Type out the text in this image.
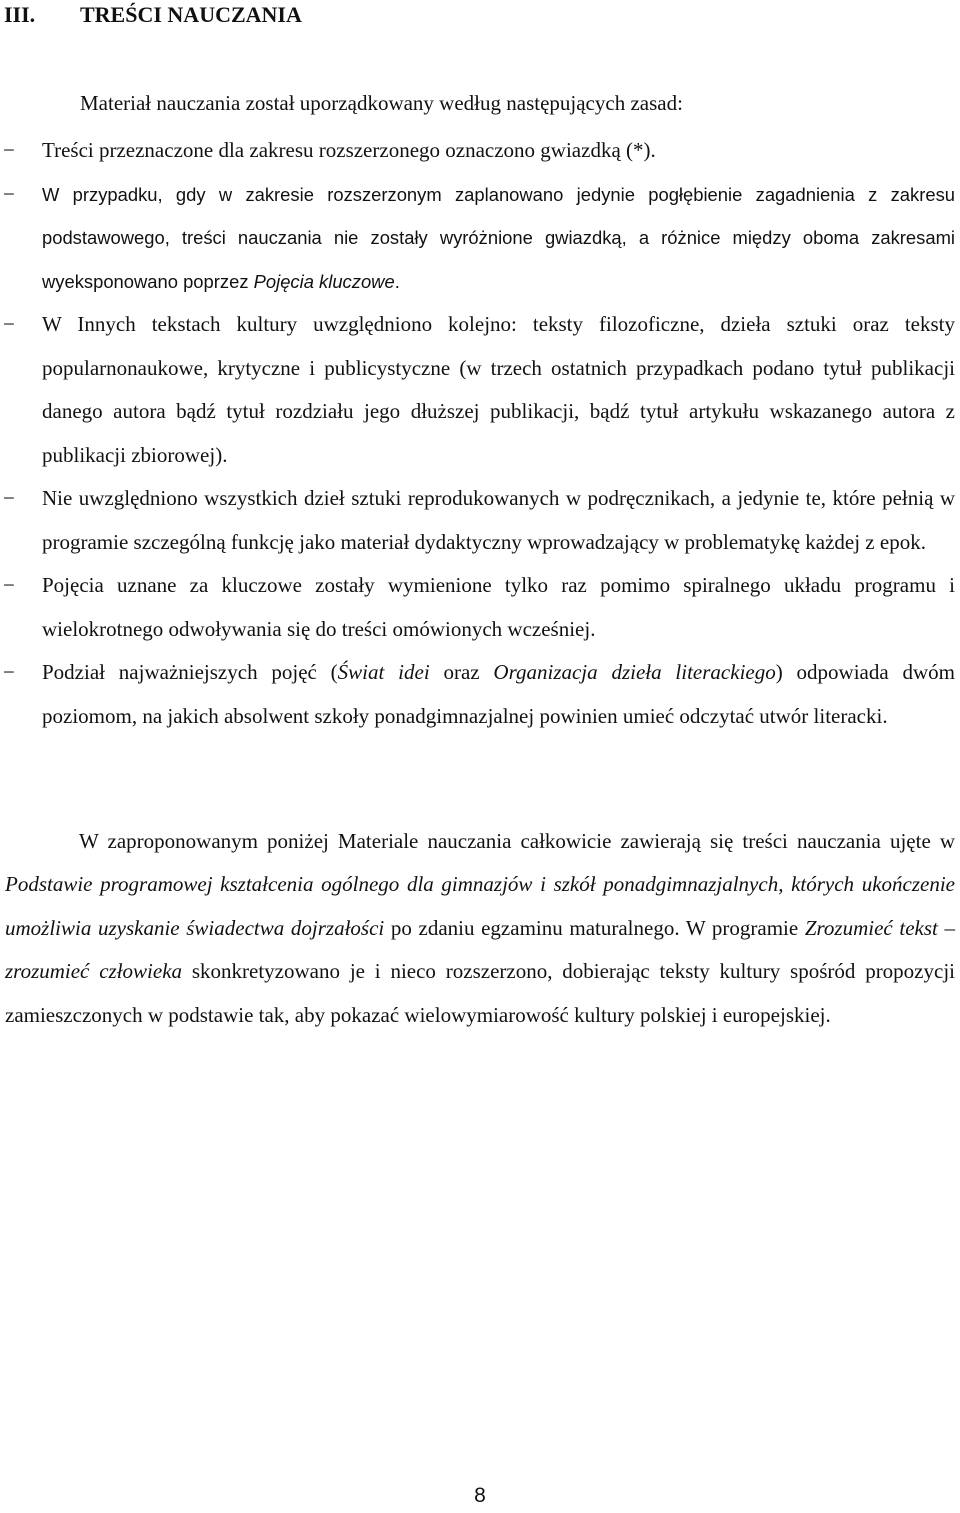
III. TREŚCI NAUCZANIA
Materiał nauczania został uporządkowany według następujących zasad:
− Treści przeznaczone dla zakresu rozszerzonego oznaczono gwiazdką (*).
− W przypadku, gdy w zakresie rozszerzonym zaplanowano jedynie pogłębienie zagadnienia z zakresu podstawowego, treści nauczania nie zostały wyróżnione gwiazdką, a różnice między oboma zakresami wyeksponowano poprzez Pojęcia kluczowe.
− W Innych tekstach kultury uwzględniono kolejno: teksty filozoficzne, dzieła sztuki oraz teksty popularnonaukowe, krytyczne i publicystyczne (w trzech ostatnich przypadkach podano tytuł publikacji danego autora bądź tytuł rozdziału jego dłuższej publikacji, bądź tytuł artykułu wskazanego autora z publikacji zbiorowej).
− Nie uwzględniono wszystkich dzieł sztuki reprodukowanych w podręcznikach, a jedynie te, które pełnią w programie szczególną funkcję jako materiał dydaktyczny wprowadzający w problematykę każdej z epok.
− Pojęcia uznane za kluczowe zostały wymienione tylko raz pomimo spiralnego układu programu i wielokrotnego odwoływania się do treści omówionych wcześniej.
− Podział najważniejszych pojęć (Świat idei oraz Organizacja dzieła literackiego) odpowiada dwóm poziomom, na jakich absolwent szkoły ponadgimnazjalnej powinien umieć odczytać utwór literacki.
W zaproponowanym poniżej Materiale nauczania całkowicie zawierają się treści nauczania ujęte w Podstawie programowej kształcenia ogólnego dla gimnazjów i szkół ponadgimnazjalnych, których ukończenie umożliwia uzyskanie świadectwa dojrzałości po zdaniu egzaminu maturalnego. W programie Zrozumieć tekst – zrozumieć człowieka skonkretyzowano je i nieco rozszerzono, dobierając teksty kultury spośród propozycji zamieszczonych w podstawie tak, aby pokazać wielowymiarowość kultury polskiej i europejskiej.
8
